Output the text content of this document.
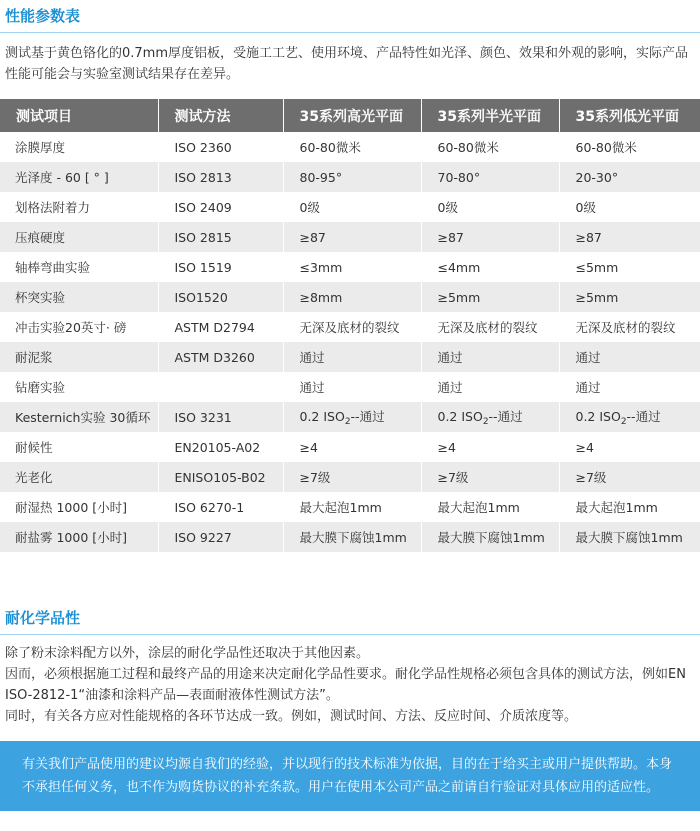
性能参数表
测试基于黄色铬化的0.7mm厚度铝板，受施工工艺、使用环境、产品特性如光泽、颜色、效果和外观的影响，实际产品性能可能会与实验室测试结果存在差异。
测试项目	测试方法	35系列高光平面	35系列半光平面	35系列低光平面
涂膜厚度	ISO 2360	60-80微米	60-80微米	60-80微米
光泽度 - 60 [ ° ]	ISO 2813	80-95°	70-80°	20-30°
划格法附着力	ISO 2409	0级	0级	0级
压痕硬度	ISO 2815	≥87	≥87	≥87
轴棒弯曲实验	ISO 1519	≤3mm	≤4mm	≤5mm
杯突实验	ISO1520	≥8mm	≥5mm	≥5mm
冲击实验20英寸· 磅	ASTM D2794	无深及底材的裂纹	无深及底材的裂纹	无深及底材的裂纹
耐泥浆	ASTM D3260	通过	通过	通过
钻磨实验		通过	通过	通过
Kesternich实验 30循环	ISO 3231	0.2 $ISO_2--$通过	0.2 $ISO_2--$通过	0.2 $ISO_2--$通过
耐候性	EN20105-A02	≥4	≥4	≥4
光老化	ENISO105-B02	≥7级	≥7级	≥7级
耐湿热 1000 [小时]	ISO 6270-1	最大起泡1mm	最大起泡1mm	最大起泡1mm
耐盐雾 1000 [小时]	ISO 9227	最大膜下腐蚀1mm	最大膜下腐蚀1mm	最大膜下腐蚀1mm
耐化学品性
除了粉末涂料配方以外，涂层的耐化学品性还取决于其他因素。
因而，必须根据施工过程和最终产品的用途来决定耐化学品性要求。耐化学品性规格必须包含具体的测试方法，例如EN ISO-2812-1“油漆和涂料产品—表面耐液体性测试方法”。
同时，有关各方应对性能规格的各环节达成一致。例如，测试时间、方法、反应时间、介质浓度等。
有关我们产品使用的建议均源自我们的经验，并以现行的技术标准为依据，目的在于给买主或用户提供帮助。本身不承担任何义务，也不作为购货协议的补充条款。用户在使用本公司产品之前请自行验证对具体应用的适应性。
